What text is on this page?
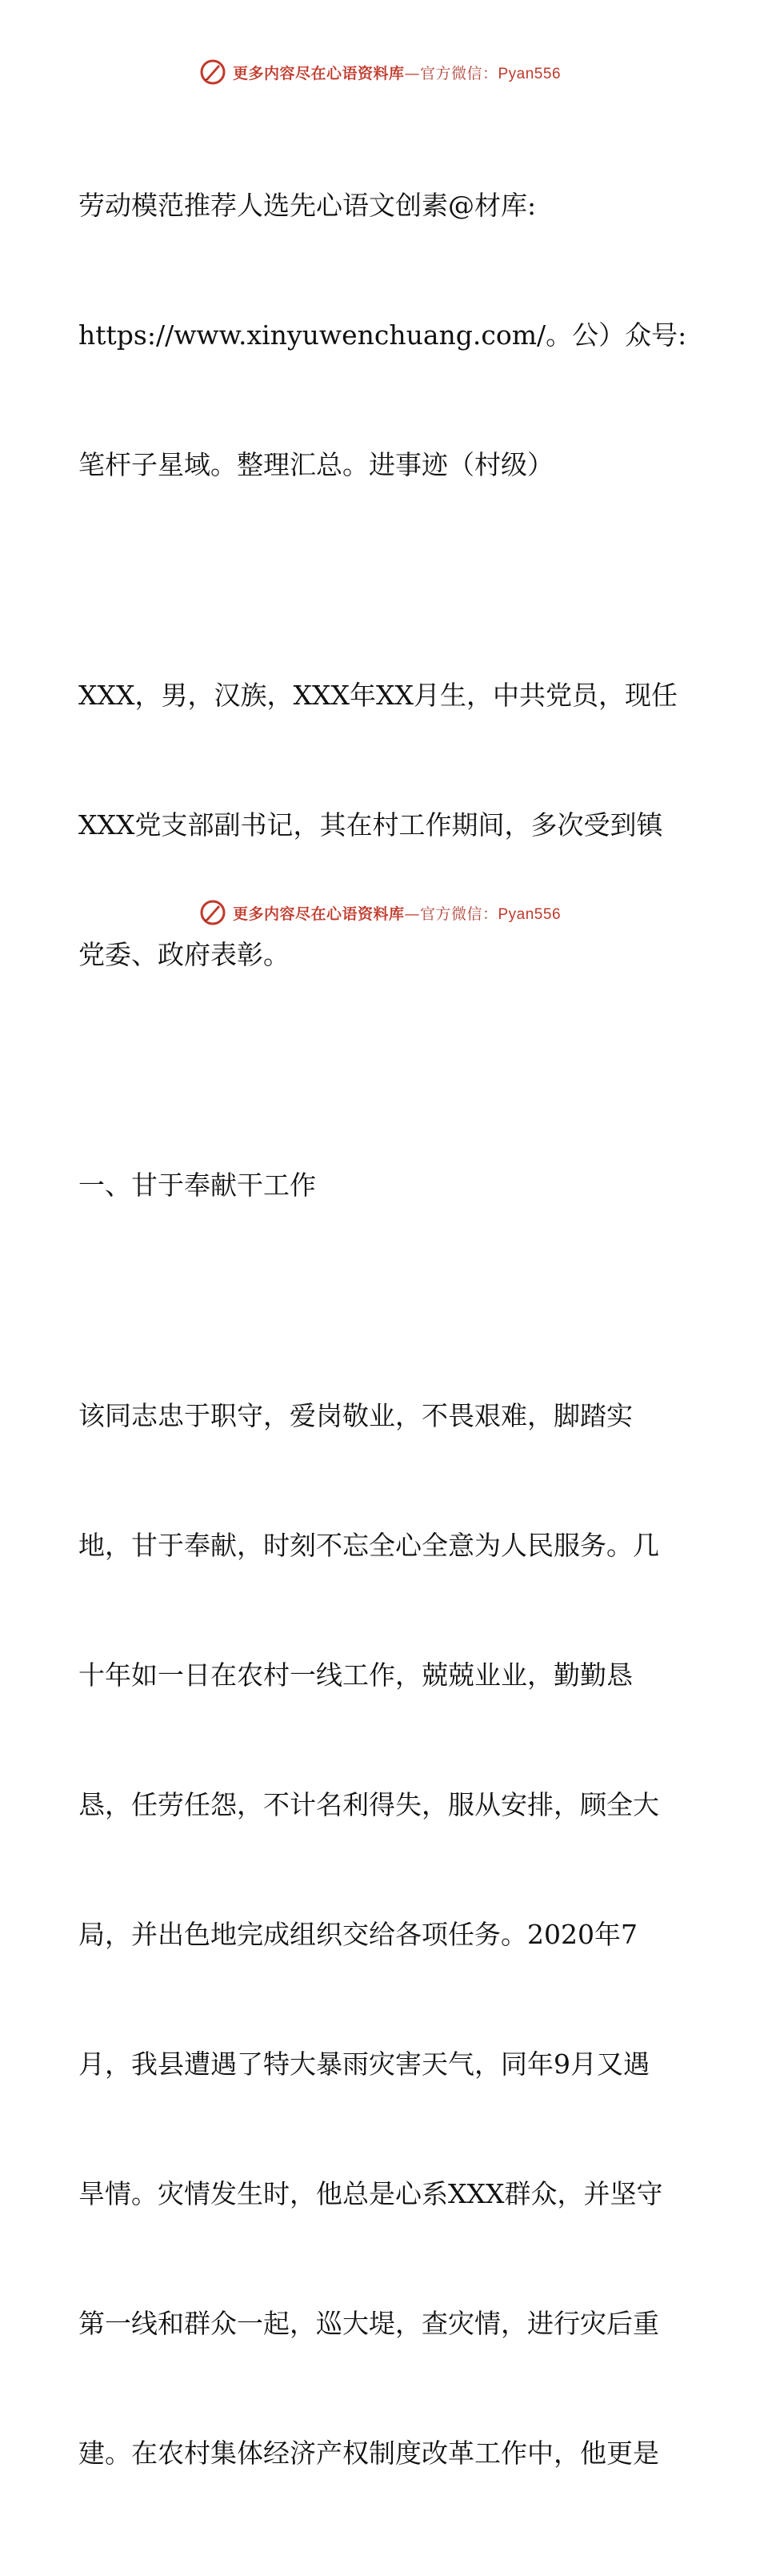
更多内容尽在心语资料库—官方微信：Pyan556

劳动模范推荐人选先心语文创素@材库:

https://www.xinyuwenchuang.com/。公）众号:

笔杆子星域。整理汇总。进事迹（村级）

XXX，男，汉族，XXX年XX月生，中共党员，现任

XXX党支部副书记，其在村工作期间，多次受到镇

党委、政府表彰。

一、甘于奉献干工作

该同志忠于职守，爱岗敬业，不畏艰难，脚踏实

地，甘于奉献，时刻不忘全心全意为人民服务。几

十年如一日在农村一线工作，兢兢业业，勤勤恳

恳，任劳任怨，不计名利得失，服从安排，顾全大

局，并出色地完成组织交给各项任务。2020年7

月，我县遭遇了特大暴雨灾害天气，同年9月又遇

旱情。灾情发生时，他总是心系XXX群众，并坚守

第一线和群众一起，巡大堤，查灾情，进行灾后重

建。在农村集体经济产权制度改革工作中，他更是

更多内容尽在心语资料库—官方微信：Pyan556
